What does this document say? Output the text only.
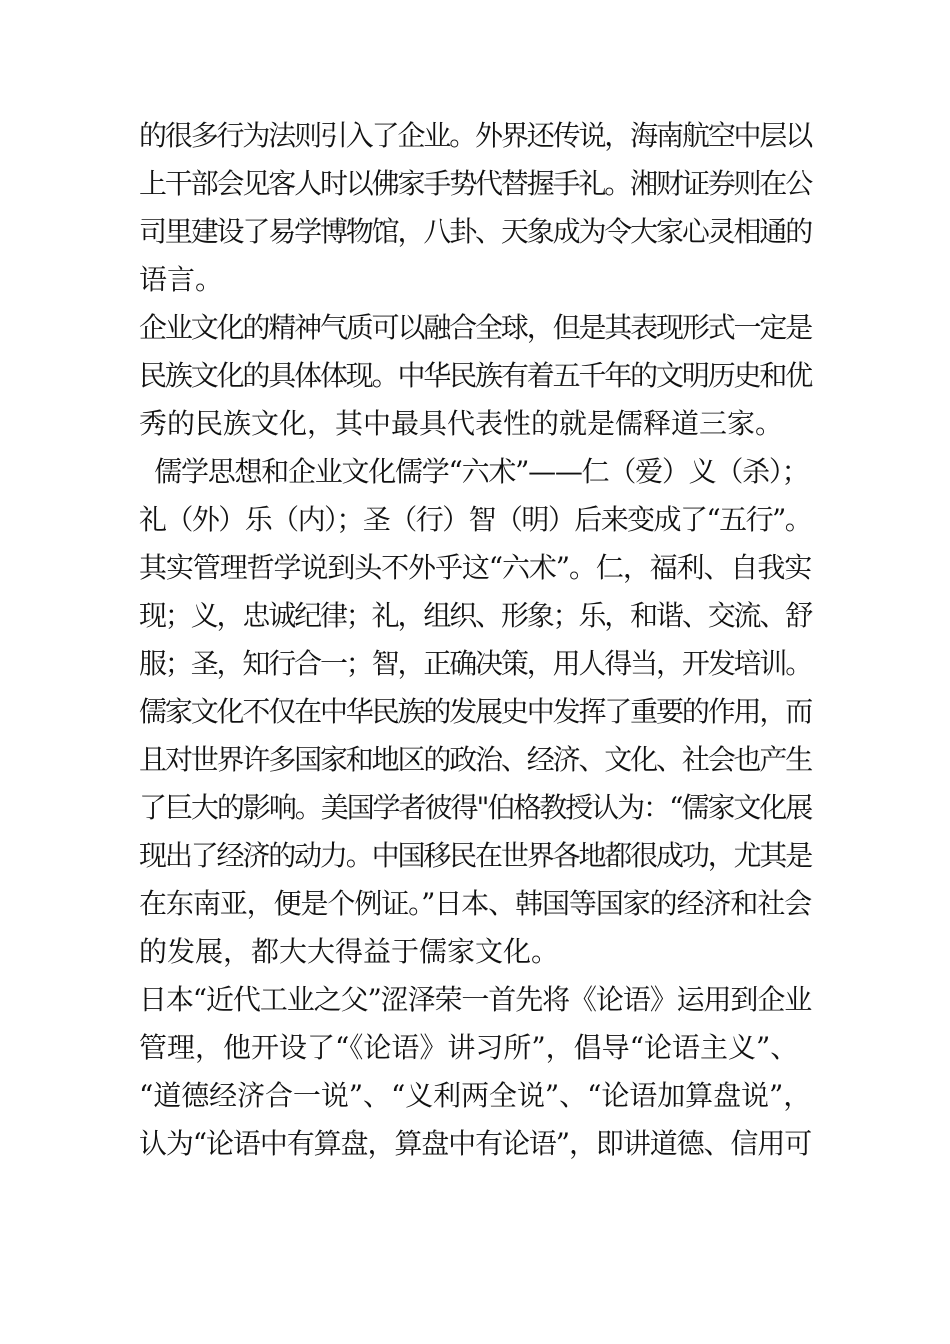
的很多行为法则引入了企业。外界还传说，海南航空中层以
上干部会见客人时以佛家手势代替握手礼。湘财证券则在公
司里建设了易学博物馆，八卦、天象成为令大家心灵相通的
语言。
企业文化的精神气质可以融合全球，但是其表现形式一定是
民族文化的具体体现。中华民族有着五千年的文明历史和优
秀的民族文化，其中最具代表性的就是儒释道三家。
儒学思想和企业文化儒学“六术”——仁（爱）义（杀）；
礼（外）乐（内）；圣（行）智（明）后来变成了“五行”。
其实管理哲学说到头不外乎这“六术”。仁，福利、自我实
现；义，忠诚纪律；礼，组织、形象；乐，和谐、交流、舒
服；圣，知行合一；智，正确决策，用人得当，开发培训。
儒家文化不仅在中华民族的发展史中发挥了重要的作用，而
且对世界许多国家和地区的政治、经济、文化、社会也产生
了巨大的影响。美国学者彼得"伯格教授认为：“儒家文化展
现出了经济的动力。中国移民在世界各地都很成功，尤其是
在东南亚，便是个例证。”日本、韩国等国家的经济和社会
的发展，都大大得益于儒家文化。
日本“近代工业之父”涩泽荣一首先将《论语》运用到企业
管理，他开设了“《论语》讲习所”，倡导“论语主义”、
“道德经济合一说”、“义利两全说”、“论语加算盘说”，
认为“论语中有算盘，算盘中有论语”，即讲道德、信用可
